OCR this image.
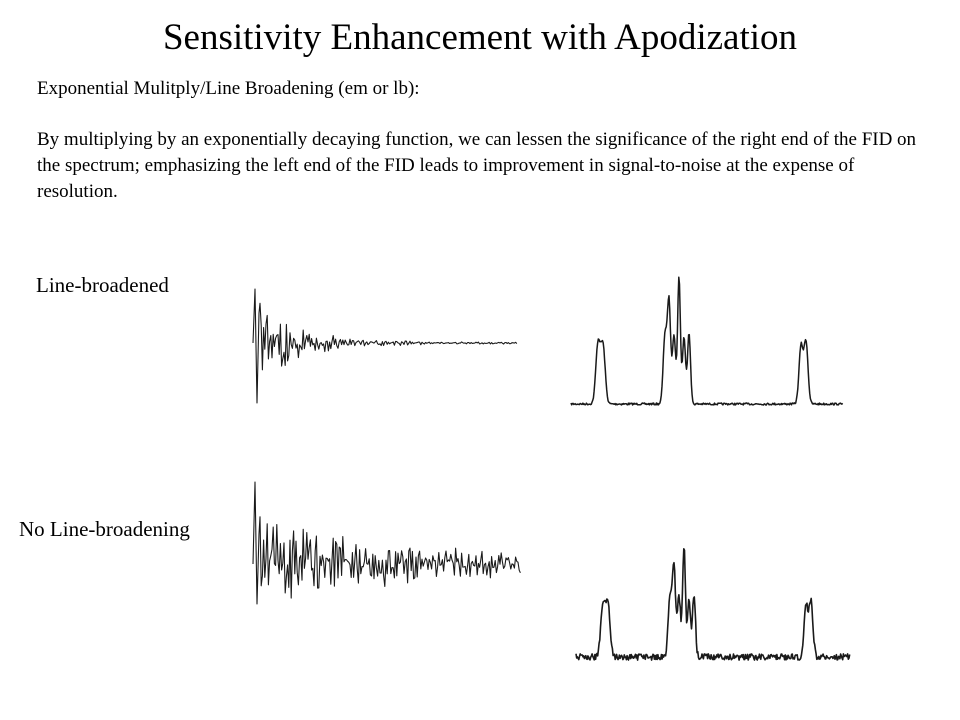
Sensitivity Enhancement with Apodization
Exponential Mulitply/Line Broadening (em or lb):
By multiplying by an exponentially decaying function, we can lessen the significance of the right end of the FID on the spectrum; emphasizing the left end of the FID leads to improvement in signal-to-noise at the expense of resolution.
Line-broadened
No Line-broadening
